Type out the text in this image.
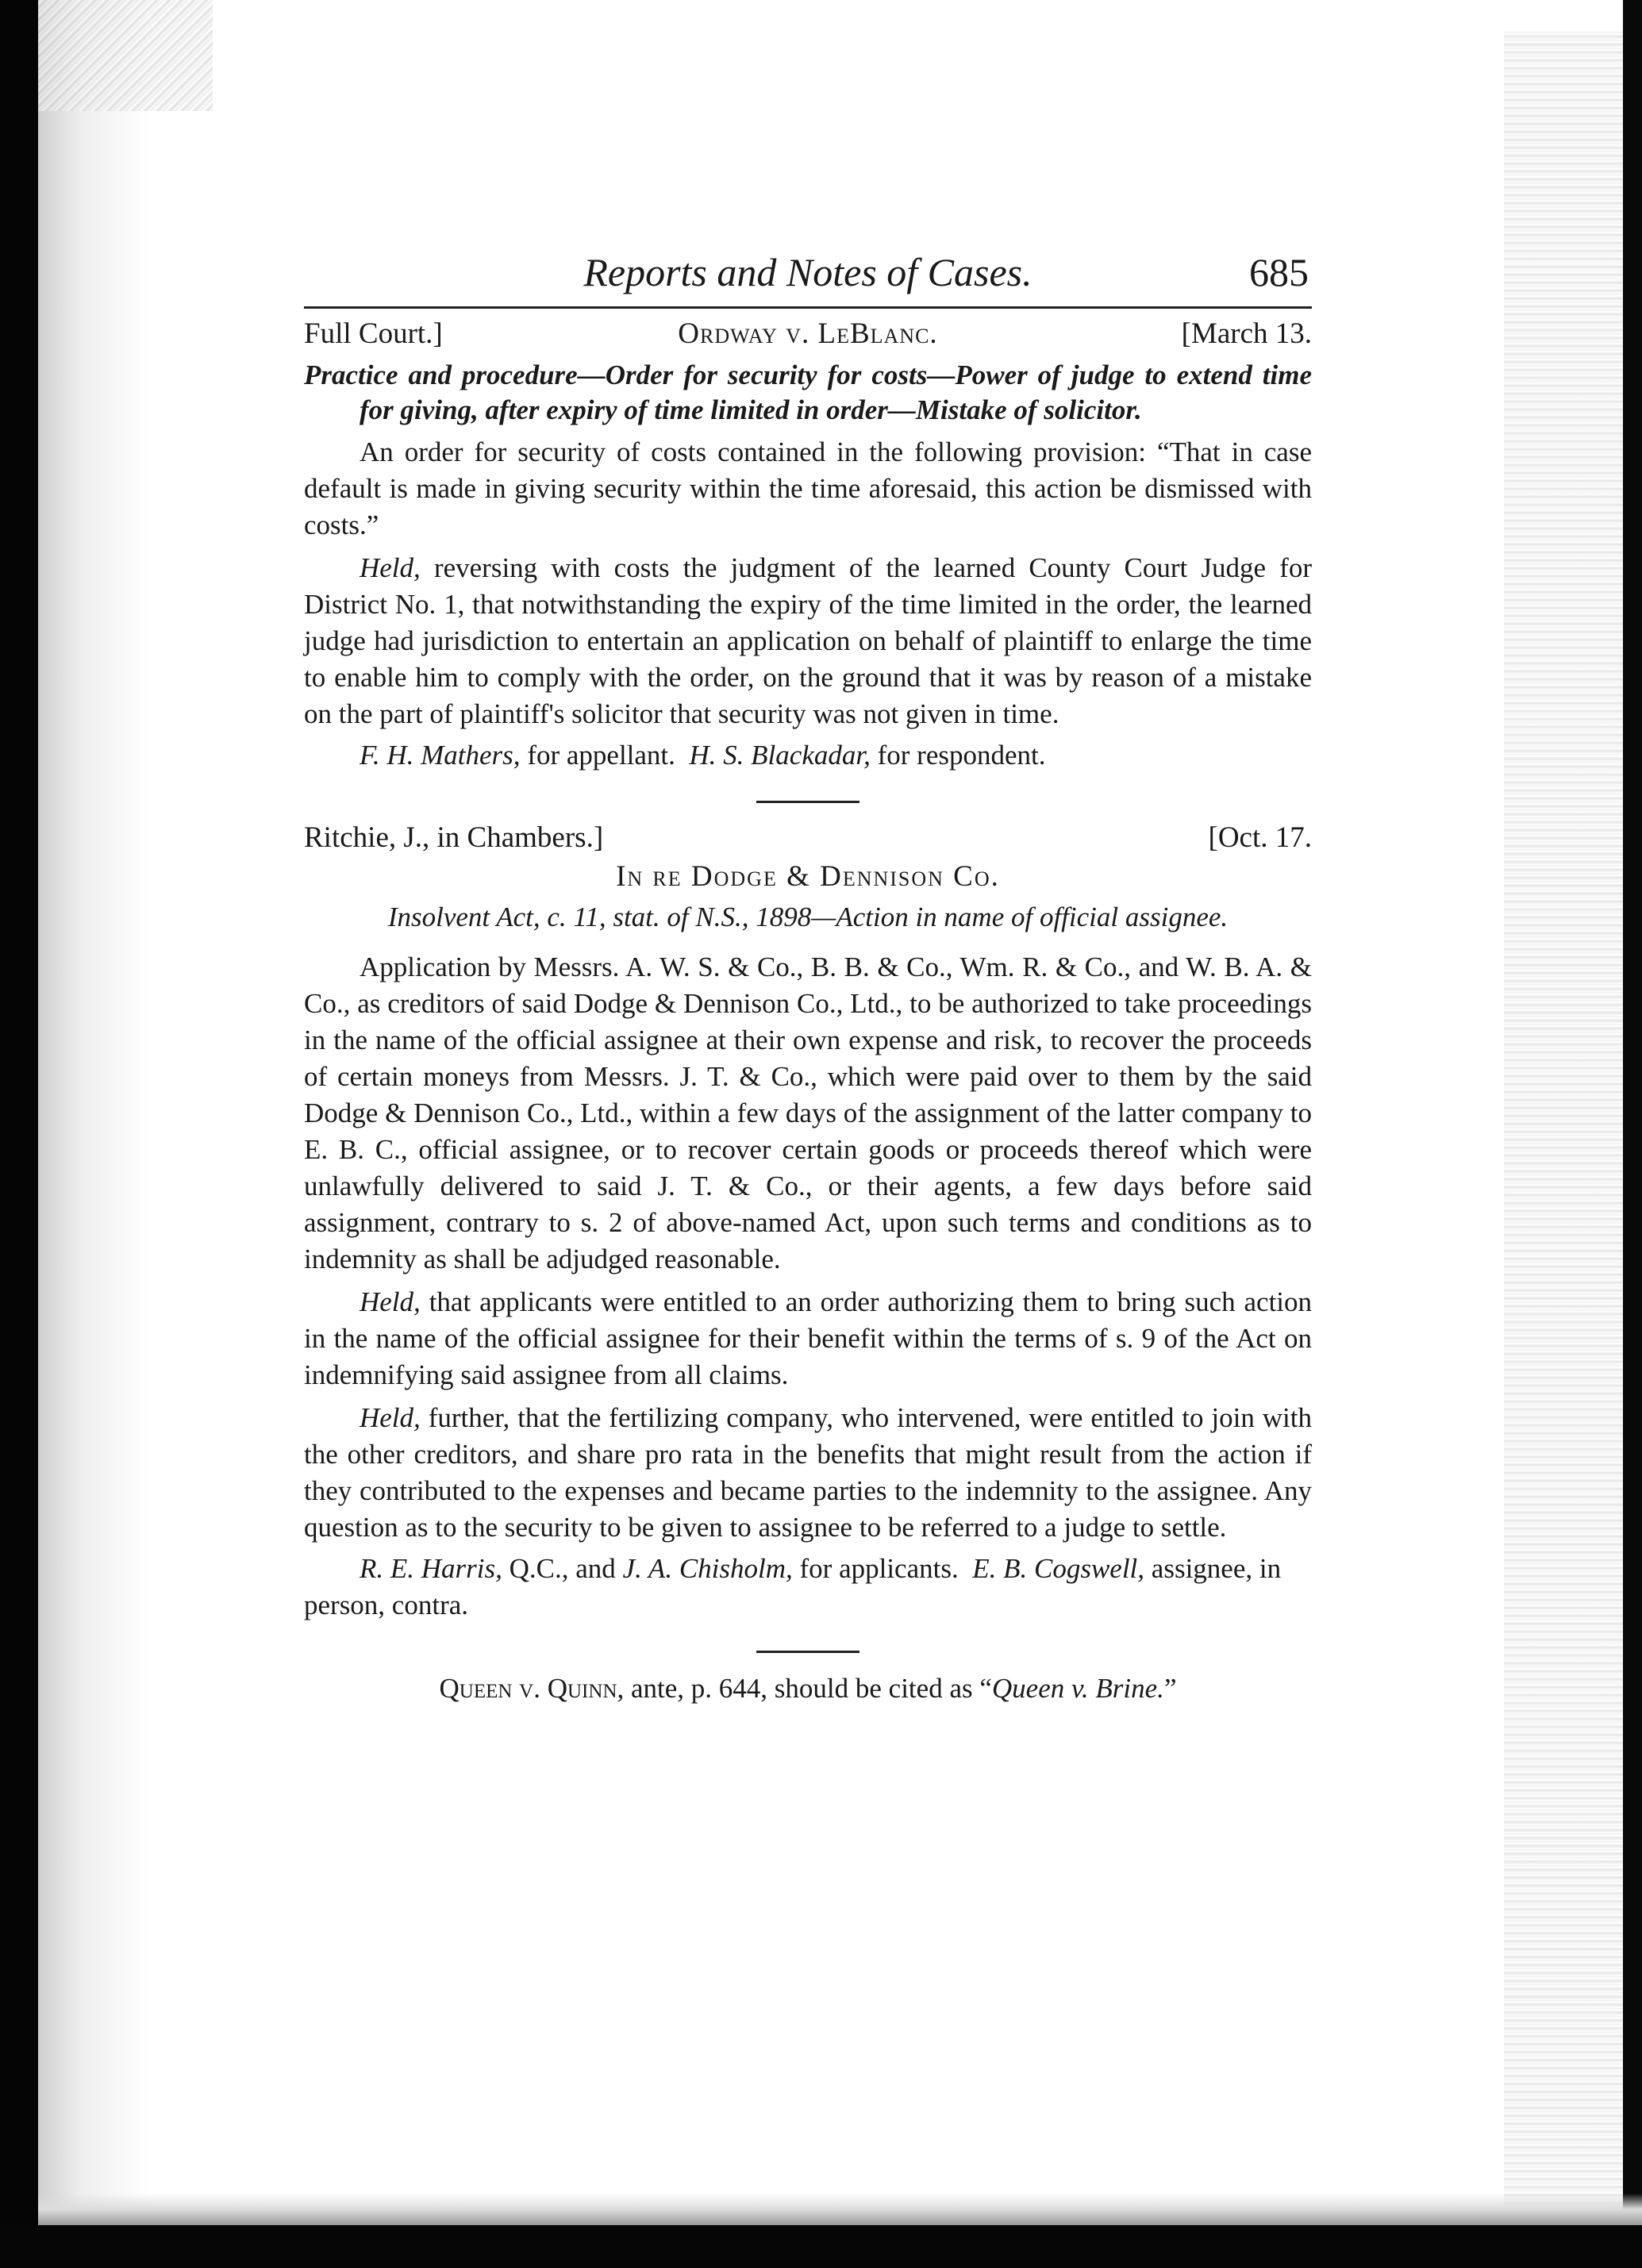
Reports and Notes of Cases.	685
Full Court.]	Ordway v. LeBlanc.	[March 13.
Practice and procedure—Order for security for costs—Power of judge to extend time for giving, after expiry of time limited in order—Mistake of solicitor.

An order for security of costs contained in the following provision: “That in case default is made in giving security within the time aforesaid, this action be dismissed with costs.”

Held, reversing with costs the judgment of the learned County Court Judge for District No. 1, that notwithstanding the expiry of the time limited in the order, the learned judge had jurisdiction to entertain an application on behalf of plaintiff to enlarge the time to enable him to comply with the order, on the ground that it was by reason of a mistake on the part of plaintiff's solicitor that security was not given in time.

F. H. Mathers, for appellant. H. S. Blackadar, for respondent.

Ritchie, J., in Chambers.]	[Oct. 17.
In re Dodge & Dennison Co.
Insolvent Act, c. 11, stat. of N.S., 1898—Action in name of official assignee.

Application by Messrs. A. W. S. & Co., B. B. & Co., Wm. R. & Co., and W. B. A. & Co., as creditors of said Dodge & Dennison Co., Ltd., to be authorized to take proceedings in the name of the official assignee at their own expense and risk, to recover the proceeds of certain moneys from Messrs. J. T. & Co., which were paid over to them by the said Dodge & Dennison Co., Ltd., within a few days of the assignment of the latter company to E. B. C., official assignee, or to recover certain goods or proceeds thereof which were unlawfully delivered to said J. T. & Co., or their agents, a few days before said assignment, contrary to s. 2 of above-named Act, upon such terms and conditions as to indemnity as shall be adjudged reasonable.

Held, that applicants were entitled to an order authorizing them to bring such action in the name of the official assignee for their benefit within the terms of s. 9 of the Act on indemnifying said assignee from all claims.

Held, further, that the fertilizing company, who intervened, were entitled to join with the other creditors, and share pro rata in the benefits that might result from the action if they contributed to the expenses and became parties to the indemnity to the assignee. Any question as to the security to be given to assignee to be referred to a judge to settle.

R. E. Harris, Q.C., and J. A. Chisholm, for applicants. E. B. Cogswell, assignee, in person, contra.

Queen v. Quinn, ante, p. 644, should be cited as “Queen v. Brine.”
